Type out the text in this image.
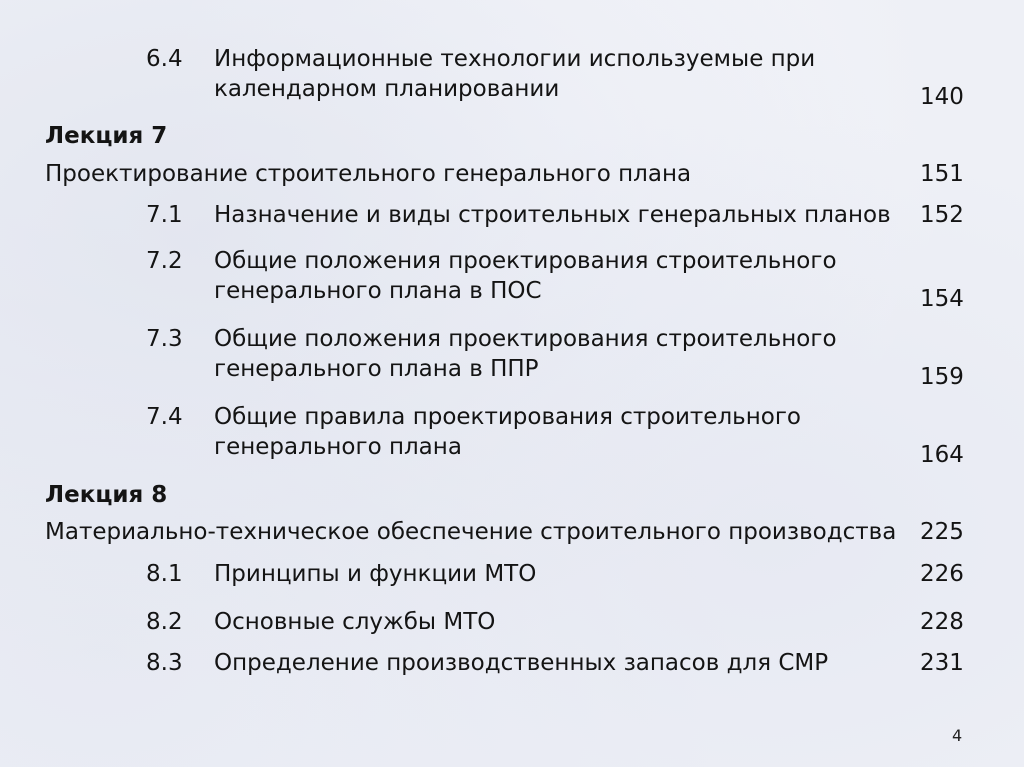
6.4 Информационные технологии используемые при

календарном планировании	140

Лекция 7

Проектирование строительного генерального плана	151

7.1 Назначение и виды строительных генеральных планов 152

7.2 Общие положения проектирования строительного

генерального плана в ПОС	154

7.3 Общие положения проектирования строительного

генерального плана в ППР	159

7.4 Общие правила проектирования строительного

генерального плана	164

Лекция 8

Материально-техническое обеспечение строительного производства 225

8.1 Принципы и функции МТО	226

8.2 Основные службы МТО	228

8.3 Определение производственных запасов для СМР	231

4
